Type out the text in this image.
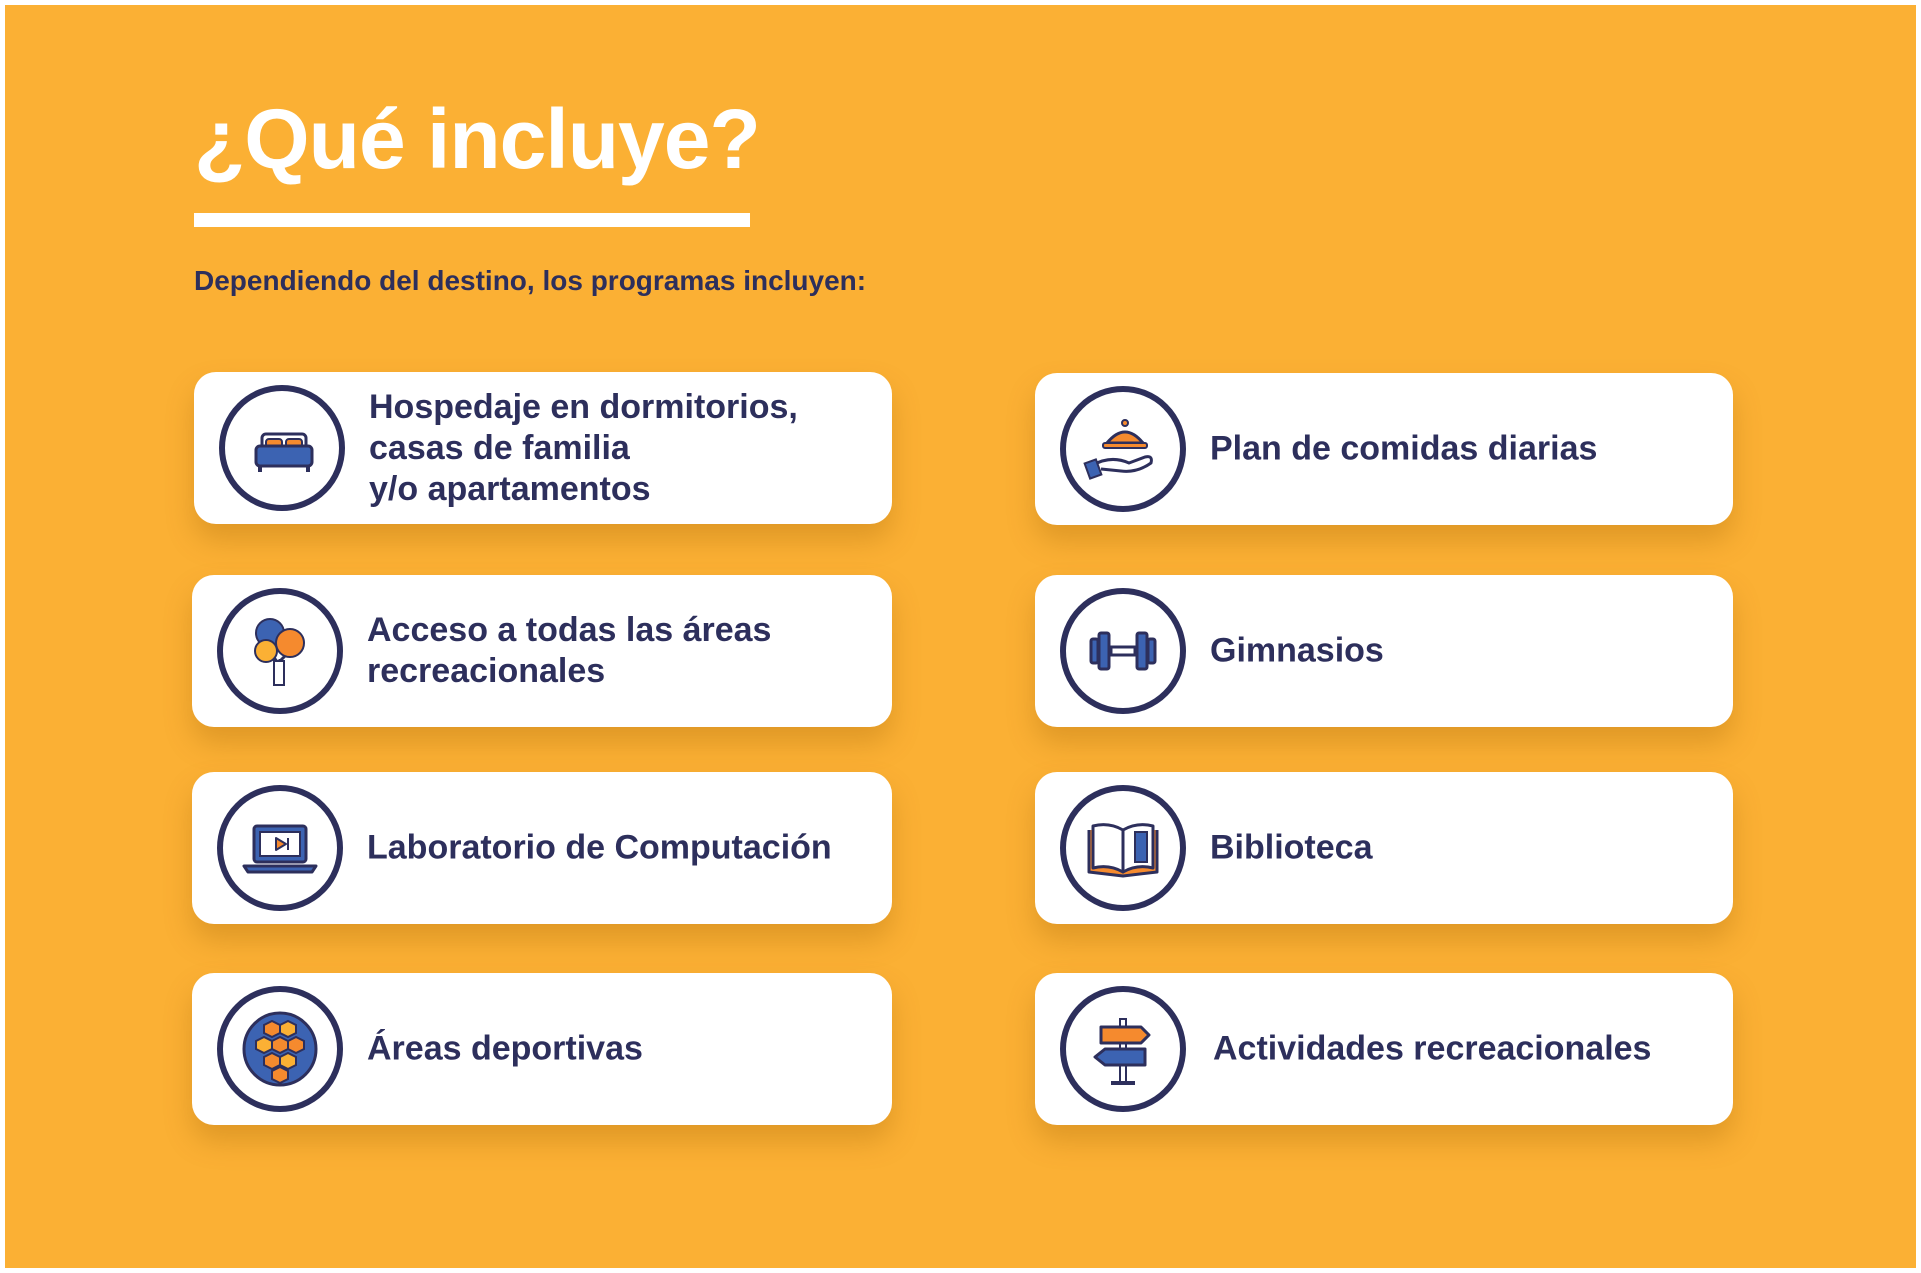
¿Qué incluye?

Dependiendo del destino, los programas incluyen:

Hospedaje en dormitorios,
casas de familia
y/o apartamentos

Plan de comidas diarias

Acceso a todas las áreas
recreacionales

Gimnasios

Laboratorio de Computación	Biblioteca

Áreas deportivas	Actividades recreacionales
